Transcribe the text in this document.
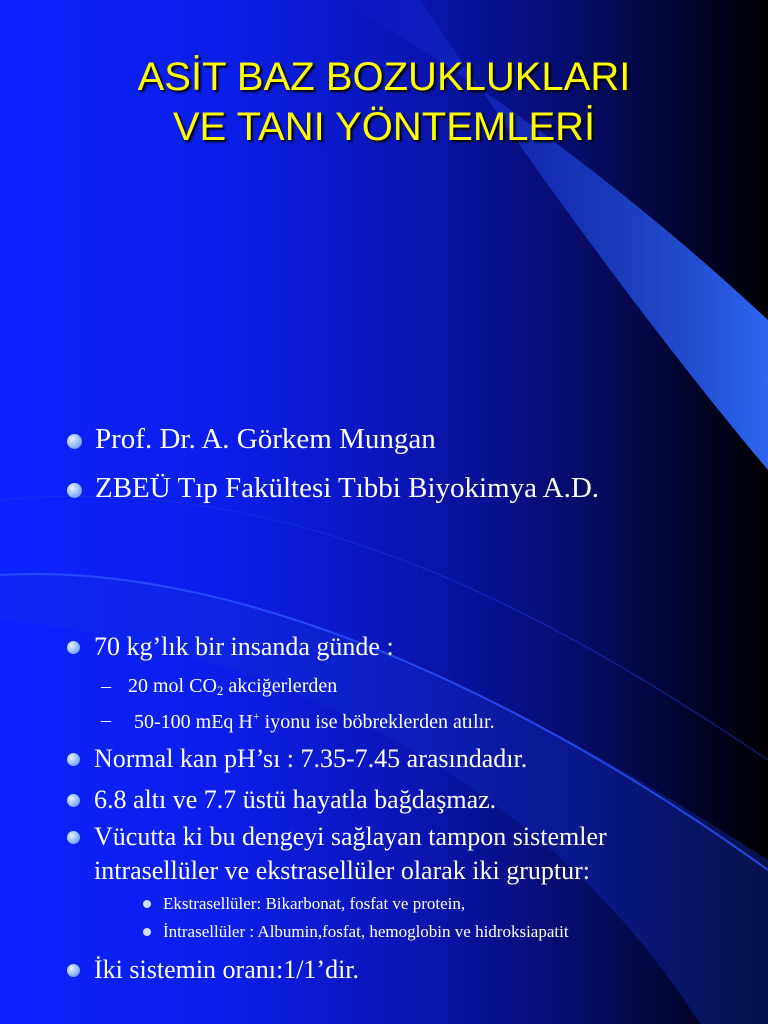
ASİT BAZ BOZUKLUKLARI
VE TANI YÖNTEMLERİ
Prof. Dr. A. Görkem Mungan
ZBEÜ Tıp Fakültesi Tıbbi Biyokimya A.D.
70 kg’lık bir insanda günde :
– 20 mol $CO_2$ akciğerlerden
– 50-100 mEq H+ iyonu ise böbreklerden atılır.
Normal kan pH’sı : 7.35-7.45 arasındadır.
6.8 altı ve 7.7 üstü hayatla bağdaşmaz.
Vücutta ki bu dengeyi sağlayan tampon sistemler
intrasellüler ve ekstrasellüler olarak iki gruptur:
Ekstrasellüler: Bikarbonat, fosfat ve protein,
İntrasellüler : Albumin,fosfat, hemoglobin ve hidroksiapatit
İki sistemin oranı:1/1’dir.
